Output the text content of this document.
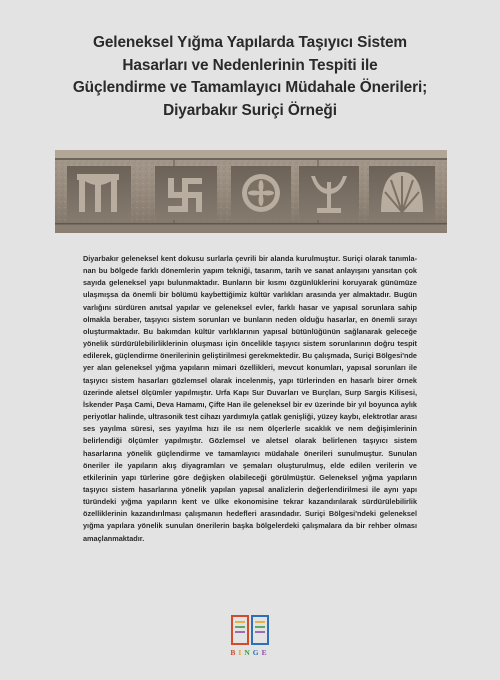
Geleneksel Yığma Yapılarda Taşıyıcı Sistem
Hasarları ve Nedenlerinin Tespiti ile
Güçlendirme ve Tamamlayıcı Müdahale Önerileri;
Diyarbakır Suriçi Örneği
Diyarbakır geleneksel kent dokusu surlarla çevrili bir alanda kurulmuştur. Suriçi olarak tanımlanan bu bölgede farklı dönemlerin yapım tekniği, tasarım, tarih ve sanat anlayışını yansıtan çok sayıda geleneksel yapı bulunmaktadır. Bunların bir kısmı özgünlüklerini koruyarak günümüze ulaşmışsa da önemli bir bölümü kaybettiğimiz kültür varlıkları arasında yer almaktadır. Bugün varlığını sürdüren anıtsal yapılar ve geleneksel evler, farklı hasar ve yapısal sorunlara sahip olmakla beraber, taşıyıcı sistem sorunları ve bunların neden olduğu hasarlar, en önemli sırayı oluşturmaktadır. Bu bakımdan kültür varlıklarının yapısal bütünlüğünün sağlanarak geleceğe yönelik sürdürülebilirliklerinin oluşması için öncelikle taşıyıcı sistem sorunlarının doğru tespit edilerek, güçlendirme önerilerinin geliştirilmesi gerekmektedir. Bu çalışmada, Suriçi Bölgesi'nde yer alan geleneksel yığma yapıların mimari özellikleri, mevcut konumları, yapısal sorunları ile taşıyıcı sistem hasarları gözlemsel olarak incelenmiş, yapı türlerinden en hasarlı birer örnek üzerinde aletsel ölçümler yapılmıştır. Urfa Kapı Sur Duvarları ve Burçları, Surp Sargis Kilisesi, İskender Paşa Cami, Deva Hamamı, Çifte Han ile geleneksel bir ev üzerinde bir yıl boyunca aylık periyotlar halinde, ultrasonik test cihazı yardımıyla çatlak genişliği, yüzey kaybı, elektrotlar arası ses yayılma süresi, ses yayılma hızı ile ısı nem ölçerlerle sıcaklık ve nem değişimlerinin belirlendiği ölçümler yapılmıştır. Gözlemsel ve aletsel olarak belirlenen taşıyıcı sistem hasarlarına yönelik güçlendirme ve tamamlayıcı müdahale önerileri sunulmuştur. Sunulan öneriler ile yapıların akış diyagramları ve şemaları oluşturulmuş, elde edilen verilerin ve etkilerinin yapı türlerine göre değişken olabileceği görülmüştür. Geleneksel yığma yapıların taşıyıcı sistem hasarlarına yönelik yapılan yapısal analizlerin değerlendirilmesi ile aynı yapı türündeki yığma yapıların kent ve ülke ekonomisine tekrar kazandırılarak sürdürülebilirlik özelliklerinin kazandırılması çalışmanın hedefleri arasındadır. Suriçi Bölgesi'ndeki geleneksel yığma yapılara yönelik sunulan önerilerin başka bölgelerdeki çalışmalara da bir rehber olması amaçlanmaktadır.
BINGE
